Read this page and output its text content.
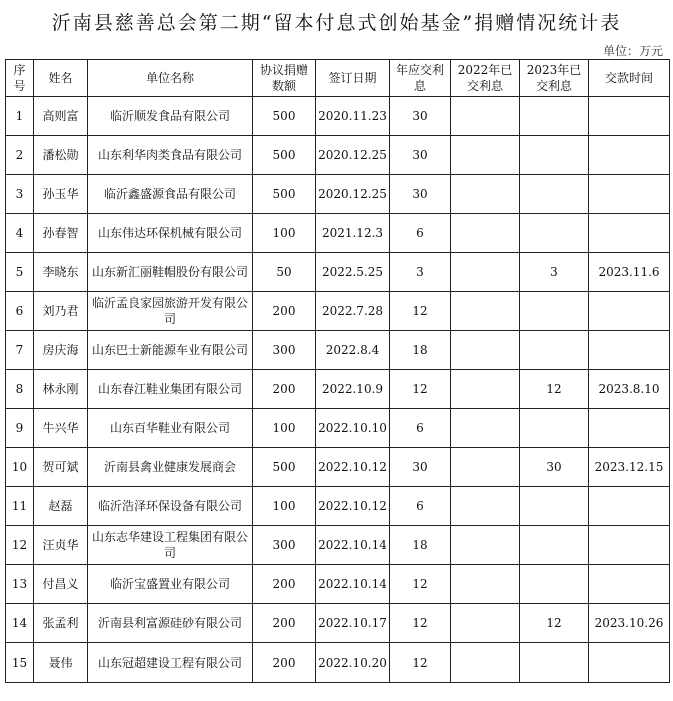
沂南县慈善总会第二期“留本付息式创始基金”捐赠情况统计表
单位：万元
序号	姓名	单位名称	协议捐赠数额	签订日期	年应交利息	2022年已交利息	2023年已交利息	交款时间
1	高则富	临沂顺发食品有限公司	500	2020.11.23	30			
2	潘松勋	山东利华肉类食品有限公司	500	2020.12.25	30			
3	孙玉华	临沂鑫盛源食品有限公司	500	2020.12.25	30			
4	孙春智	山东伟达环保机械有限公司	100	2021.12.3	6			
5	李晓东	山东新汇丽鞋帽股份有限公司	50	2022.5.25	3		3	2023.11.6
6	刘乃君	临沂孟良家园旅游开发有限公司	200	2022.7.28	12			
7	房庆海	山东巴士新能源车业有限公司	300	2022.8.4	18			
8	林永刚	山东春江鞋业集团有限公司	200	2022.10.9	12		12	2023.8.10
9	牛兴华	山东百华鞋业有限公司	100	2022.10.10	6			
10	贺可斌	沂南县禽业健康发展商会	500	2022.10.12	30		30	2023.12.15
11	赵磊	临沂浩泽环保设备有限公司	100	2022.10.12	6			
12	汪贞华	山东志华建设工程集团有限公司	300	2022.10.14	18			
13	付昌义	临沂宝盛置业有限公司	200	2022.10.14	12			
14	张孟利	沂南县利富源硅砂有限公司	200	2022.10.17	12		12	2023.10.26
15	聂伟	山东冠超建设工程有限公司	200	2022.10.20	12			
